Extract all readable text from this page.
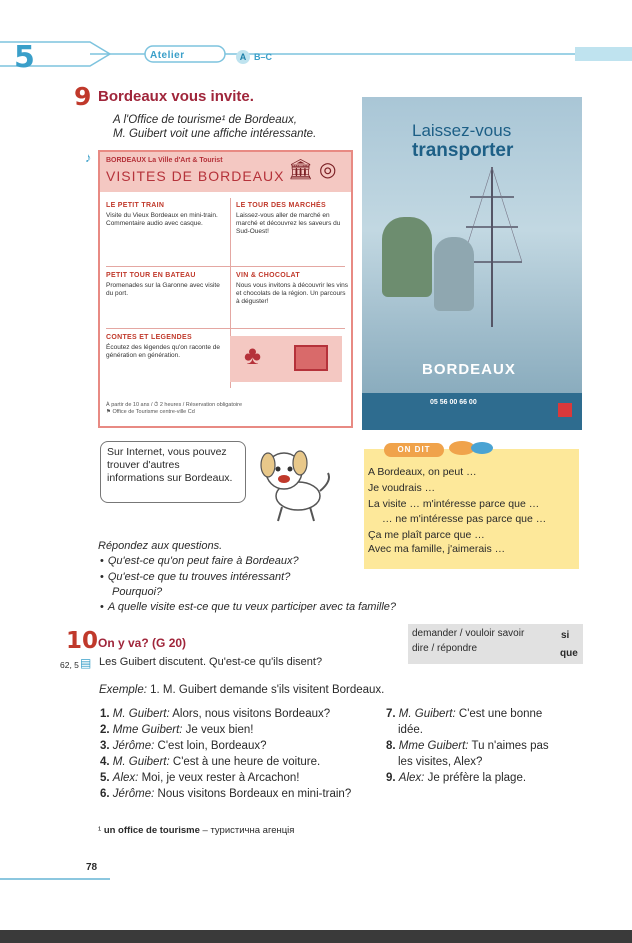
5	Atelier	A B–C
9 Bordeaux vous invite.
A l'Office de tourisme¹ de Bordeaux,
M. Guibert voit une affiche intéressante.
♪ BORDEAUX La Ville d'Art & Tourist
VISITES DE BORDEAUX 🏛 ◎
LE PETIT TRAIN
Visite du Vieux Bordeaux en mini-train. Commentaire audio avec casque.
LE TOUR DES MARCHÉS
Laissez-vous aller de marché en marché et découvrez les saveurs du Sud-Ouest!
PETIT TOUR EN BATEAU
Promenades sur la Garonne avec visite du port.
VIN & CHOCOLAT
Nous vous invitons à découvrir les vins et chocolats de la région. Un parcours à déguster!
CONTES ET LEGENDES
Écoutez des légendes qu'on raconte de génération en génération.	♣
À partir de 10 ans / ⏱ 2 heures / Réservation obligatoire
⚑ Office de Tourisme centre-ville Cd
Laissez-vous
transporter
BORDEAUX
05 56 00 66 00
Sur Internet, vous pouvez trouver d'autres informations sur Bordeaux.
ON DIT
A Bordeaux, on peut …
Je voudrais …
La visite … m'intéresse parce que …
… ne m'intéresse pas parce que …
Ça me plaît parce que …
Avec ma famille, j'aimerais …
Répondez aux questions.
• Qu'est-ce qu'on peut faire à Bordeaux?
• Qu'est-ce que tu trouves intéressant?
Pourquoi?
• A quelle visite est-ce que tu veux participer avec ta famille?
10 On y va? (G 20)
62, 5 ▤ Les Guibert discutent. Qu'est-ce qu'ils disent?
demander / vouloir savoir	si
dire / répondre	que
Exemple: 1. M. Guibert demande s'ils visitent Bordeaux.
1. M. Guibert: Alors, nous visitons Bordeaux?
2. Mme Guibert: Je veux bien!
3. Jérôme: C'est loin, Bordeaux?
4. M. Guibert: C'est à une heure de voiture.
5. Alex: Moi, je veux rester à Arcachon!
6. Jérôme: Nous visitons Bordeaux en mini-train?
7. M. Guibert: C'est une bonne
idée.
8. Mme Guibert: Tu n'aimes pas
les visites, Alex?
9. Alex: Je préfère la plage.
¹ un office de tourisme – туристична агенція
78
